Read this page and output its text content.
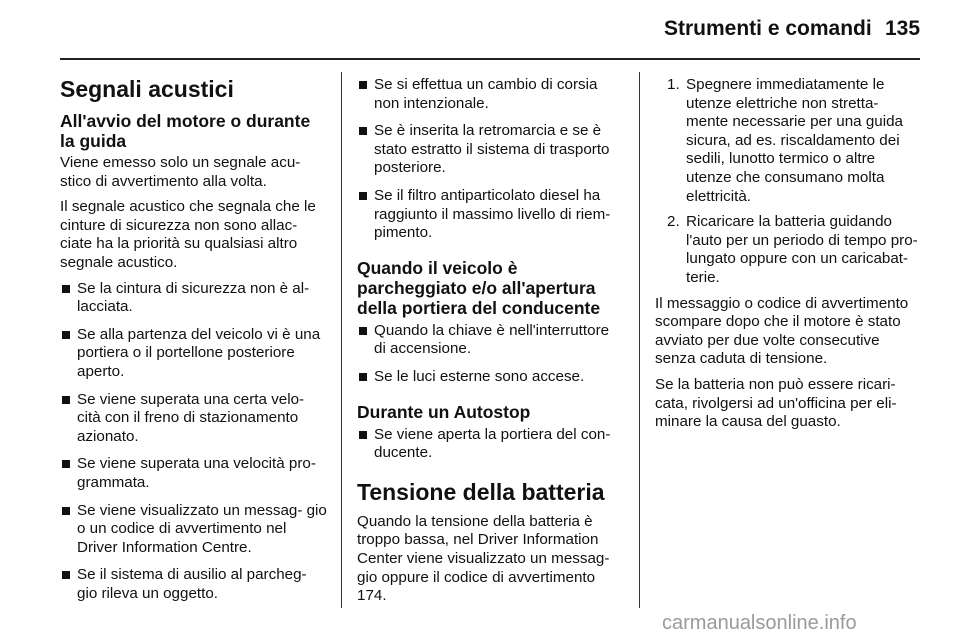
Strumenti e comandi 135
Segnali acustici
All'avvio del motore o durante la guida

Viene emesso solo un segnale acu- stico di avvertimento alla volta.

Il segnale acustico che segnala che le cinture di sicurezza non sono allac- ciate ha la priorità su qualsiasi altro segnale acustico.

Se la cintura di sicurezza non è al- lacciata.
Se alla partenza del veicolo vi è una portiera o il portellone posteriore aperto.
Se viene superata una certa velo- cità con il freno di stazionamento azionato.
Se viene superata una velocità pro- grammata.
Se viene visualizzato un messag- gio o un codice di avvertimento nel Driver Information Centre.
Se il sistema di ausilio al parcheg- gio rileva un oggetto.
Se si effettua un cambio di corsia non intenzionale.
Se è inserita la retromarcia e se è stato estratto il sistema di trasporto posteriore.
Se il filtro antiparticolato diesel ha raggiunto il massimo livello di riem- pimento.
Quando il veicolo è parcheggiato e/o all'apertura della portiera del conducente
Quando la chiave è nell'interruttore di accensione.
Se le luci esterne sono accese.
Durante un Autostop
Se viene aperta la portiera del con- ducente.
Tensione della batteria

Quando la tensione della batteria è troppo bassa, nel Driver Information Center viene visualizzato un messag- gio oppure il codice di avvertimento 174.

1. Spegnere immediatamente le utenze elettriche non stretta- mente necessarie per una guida sicura, ad es. riscaldamento dei sedili, lunotto termico o altre utenze che consumano molta elettricità.
2. Ricaricare la batteria guidando l'auto per un periodo di tempo pro- lungato oppure con un caricabat- terie.

Il messaggio o codice di avvertimento scompare dopo che il motore è stato avviato per due volte consecutive senza caduta di tensione.

Se la batteria non può essere ricari- cata, rivolgersi ad un'officina per eli- minare la causa del guasto.

carmanualsonline.info
